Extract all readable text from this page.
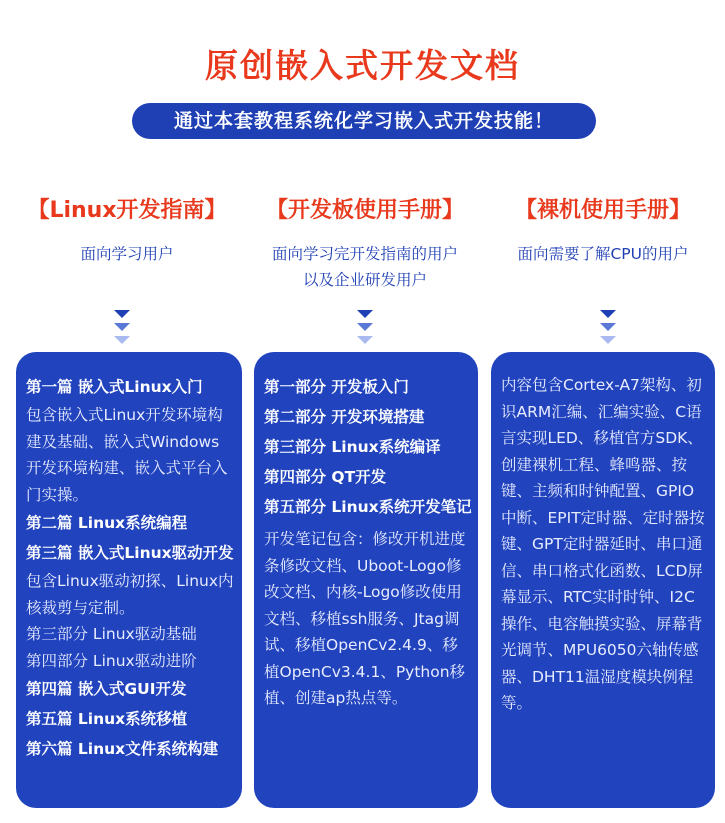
原创嵌入式开发文档
通过本套教程系统化学习嵌入式开发技能！
【Linux开发指南】
面向学习用户
【开发板使用手册】
面向学习完开发指南的用户
以及企业研发用户
【裸机使用手册】
面向需要了解CPU的用户
第一篇 嵌入式Linux入门
包含嵌入式Linux开发环境构建及基础、嵌入式Windows开发环境构建、嵌入式平台入门实操。
第二篇 Linux系统编程
第三篇 嵌入式Linux驱动开发
包含Linux驱动初探、Linux内核裁剪与定制。
第三部分 Linux驱动基础
第四部分 Linux驱动进阶
第四篇 嵌入式GUI开发
第五篇 Linux系统移植
第六篇 Linux文件系统构建
第一部分 开发板入门
第二部分 开发环境搭建
第三部分 Linux系统编译
第四部分 QT开发
第五部分 Linux系统开发笔记
开发笔记包含：修改开机进度条修改文档、Uboot-Logo修改文档、内核-Logo修改使用文档、移植ssh服务、Jtag调试、移植OpenCv2.4.9、移植OpenCv3.4.1、Python移植、创建ap热点等。
内容包含Cortex-A7架构、初识ARM汇编、汇编实验、C语言实现LED、移植官方SDK、创建裸机工程、蜂鸣器、按键、主频和时钟配置、GPIO中断、EPIT定时器、定时器按键、GPT定时器延时、串口通信、串口格式化函数、LCD屏幕显示、RTC实时时钟、I2C操作、电容触摸实验、屏幕背光调节、MPU6050六轴传感器、DHT11温湿度模块例程等。
